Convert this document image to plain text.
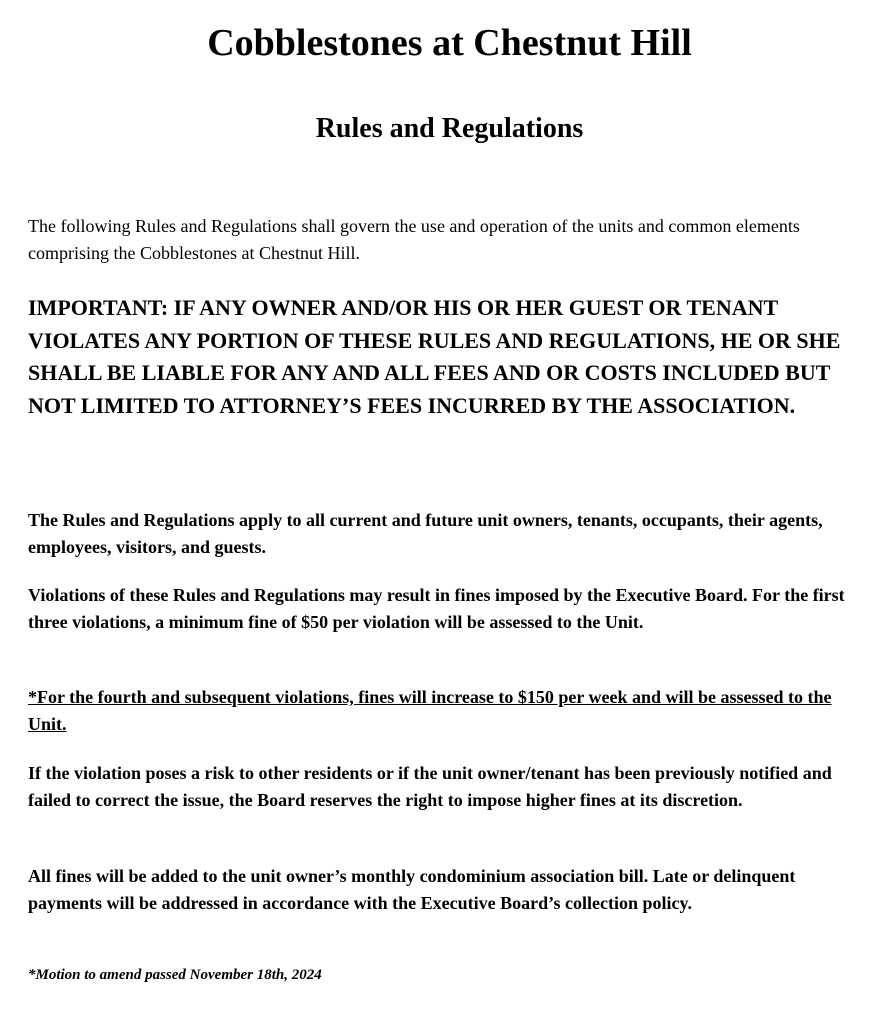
Cobblestones at Chestnut Hill
Rules and Regulations

The following Rules and Regulations shall govern the use and operation of the units and common elements comprising the Cobblestones at Chestnut Hill.

IMPORTANT: IF ANY OWNER AND/OR HIS OR HER GUEST OR TENANT VIOLATES ANY PORTION OF THESE RULES AND REGULATIONS, HE OR SHE SHALL BE LIABLE FOR ANY AND ALL FEES AND OR COSTS INCLUDED BUT NOT LIMITED TO ATTORNEY’S FEES INCURRED BY THE ASSOCIATION.

The Rules and Regulations apply to all current and future unit owners, tenants, occupants, their agents, employees, visitors, and guests.

Violations of these Rules and Regulations may result in fines imposed by the Executive Board. For the first three violations, a minimum fine of $50 per violation will be assessed to the Unit.

*For the fourth and subsequent violations, fines will increase to $150 per week and will be assessed to the Unit.

If the violation poses a risk to other residents or if the unit owner/tenant has been previously notified and failed to correct the issue, the Board reserves the right to impose higher fines at its discretion.

All fines will be added to the unit owner’s monthly condominium association bill. Late or delinquent payments will be addressed in accordance with the Executive Board’s collection policy.

*Motion to amend passed November 18th, 2024
